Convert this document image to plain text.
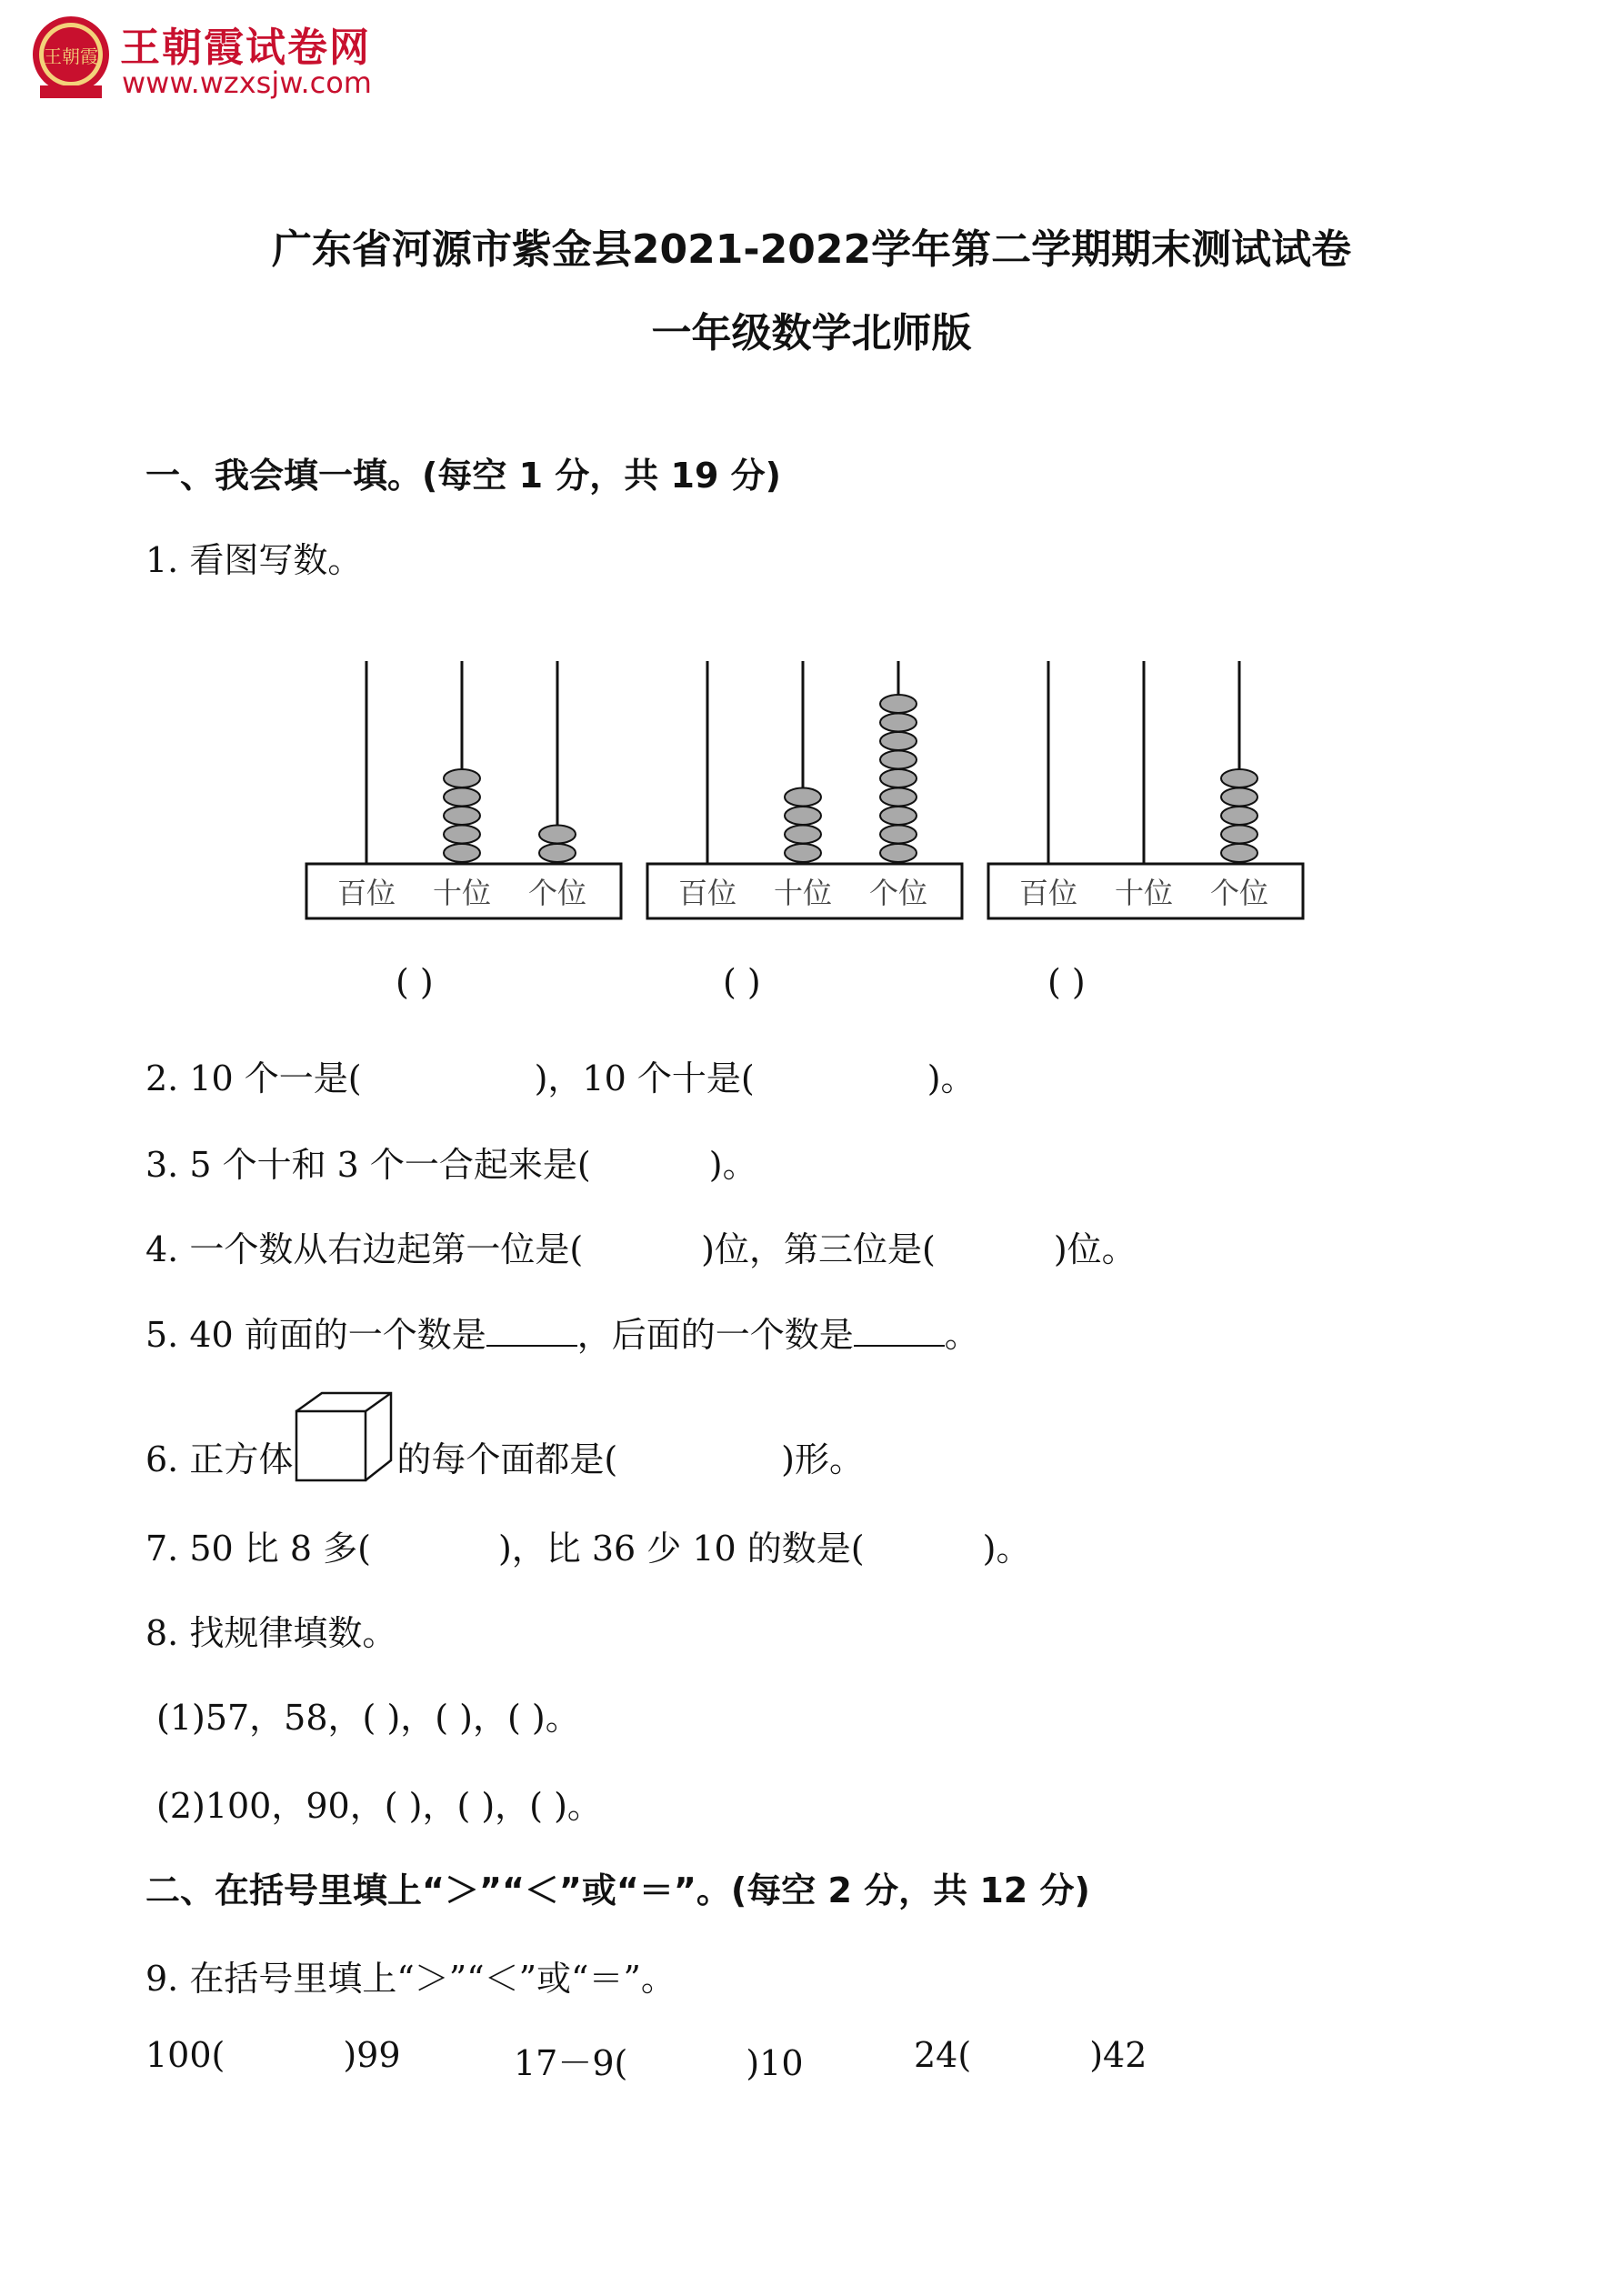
王朝霞 王朝霞试卷网
www.wzxsjw.com
广东省河源市紫金县2021-2022学年第二学期期末测试试卷
一年级数学北师版
一、我会填一填。(每空 1 分，共 19 分)
1. 看图写数。
百位 十位 个位	百位 十位 个位	百位 十位 个位
( )	( )	( )
2. 10 个一是(	)，10 个十是(	)。
3. 5 个十和 3 个一合起来是(	)。
4. 一个数从右边起第一位是(	)位，第三位是(	)位。
5. 40 前面的一个数是	，后面的一个数是	。
6. 正方体	的每个面都是(	)形。
7. 50 比 8 多(	)，比 36 少 10 的数是(	)。
8. 找规律填数。
(1)57，58，( )，( )，( )。
(2)100，90，( )，( )，( )。
二、在括号里填上“＞”“＜”或“＝”。(每空 2 分，共 12 分)
9. 在括号里填上“＞”“＜”或“＝”。
100(	)99	17－9(	)10	24(	)42
